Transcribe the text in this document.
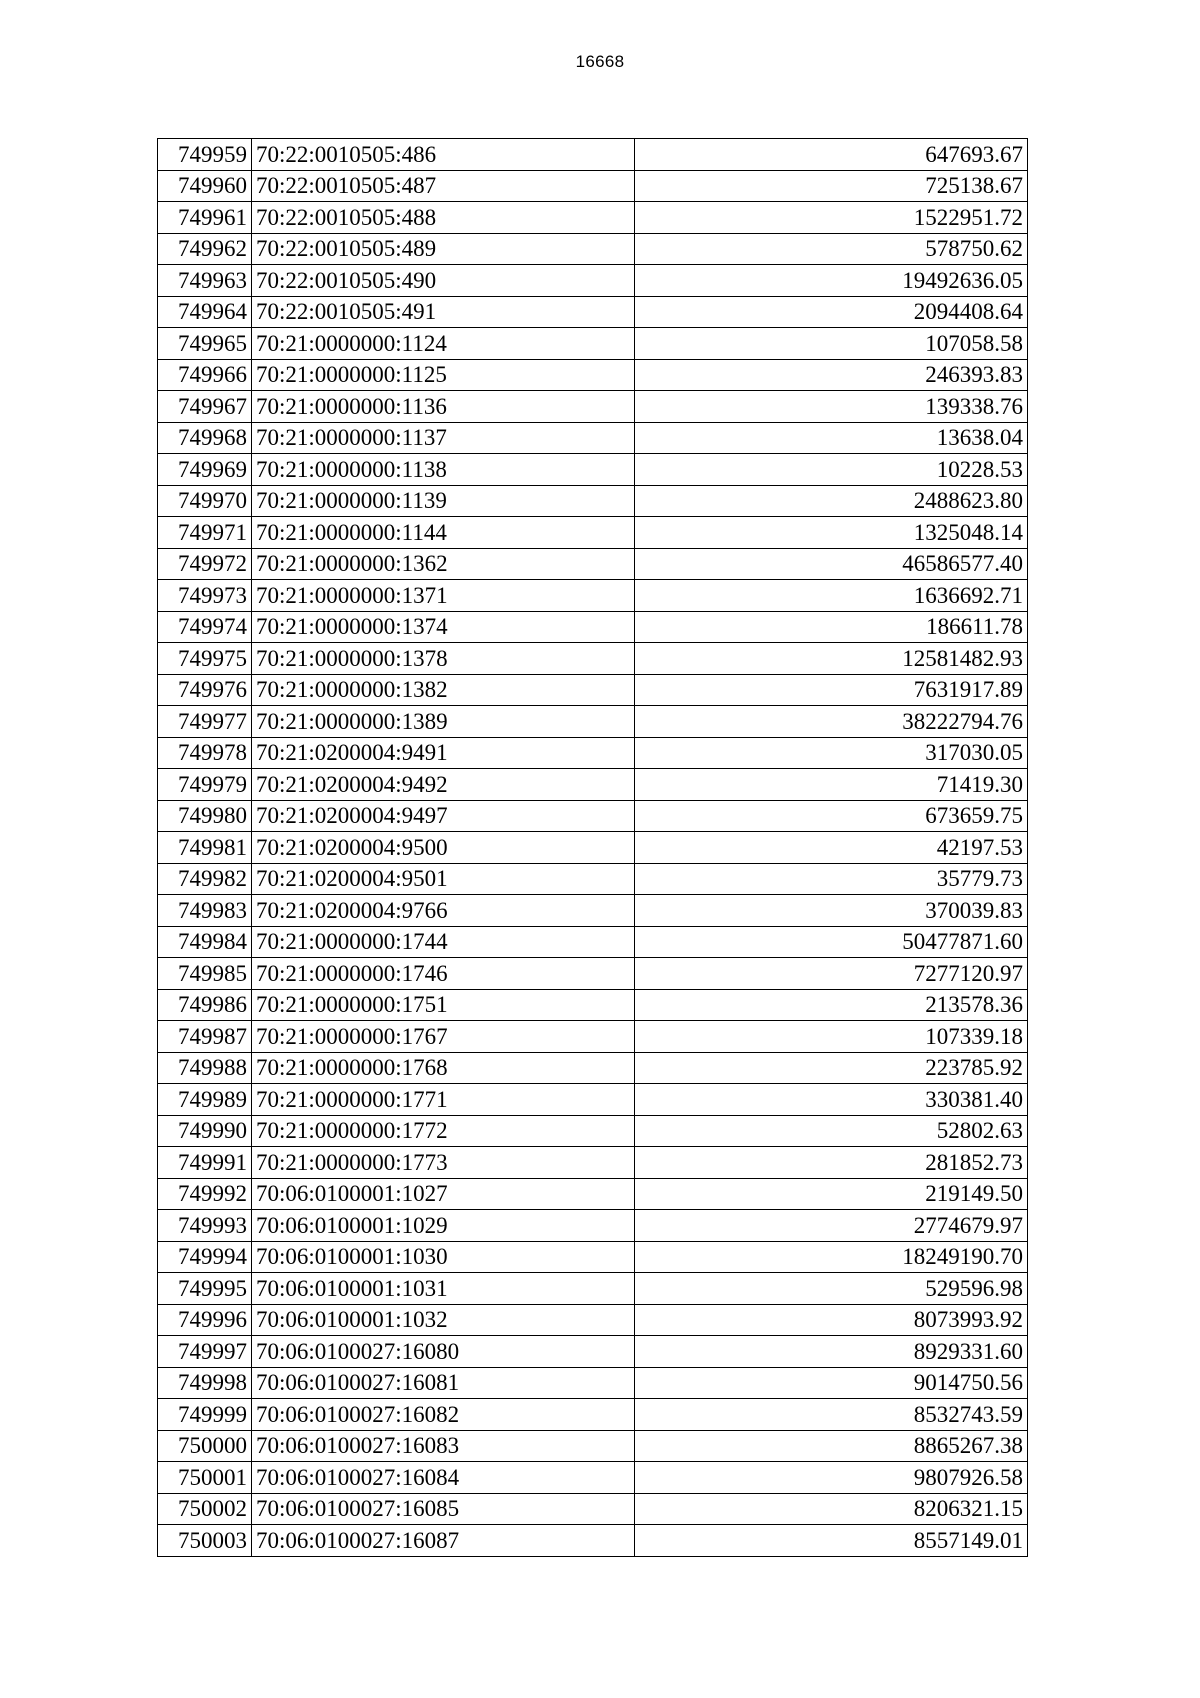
16668
749959	70:22:0010505:486	647693.67
749960	70:22:0010505:487	725138.67
749961	70:22:0010505:488	1522951.72
749962	70:22:0010505:489	578750.62
749963	70:22:0010505:490	19492636.05
749964	70:22:0010505:491	2094408.64
749965	70:21:0000000:1124	107058.58
749966	70:21:0000000:1125	246393.83
749967	70:21:0000000:1136	139338.76
749968	70:21:0000000:1137	13638.04
749969	70:21:0000000:1138	10228.53
749970	70:21:0000000:1139	2488623.80
749971	70:21:0000000:1144	1325048.14
749972	70:21:0000000:1362	46586577.40
749973	70:21:0000000:1371	1636692.71
749974	70:21:0000000:1374	186611.78
749975	70:21:0000000:1378	12581482.93
749976	70:21:0000000:1382	7631917.89
749977	70:21:0000000:1389	38222794.76
749978	70:21:0200004:9491	317030.05
749979	70:21:0200004:9492	71419.30
749980	70:21:0200004:9497	673659.75
749981	70:21:0200004:9500	42197.53
749982	70:21:0200004:9501	35779.73
749983	70:21:0200004:9766	370039.83
749984	70:21:0000000:1744	50477871.60
749985	70:21:0000000:1746	7277120.97
749986	70:21:0000000:1751	213578.36
749987	70:21:0000000:1767	107339.18
749988	70:21:0000000:1768	223785.92
749989	70:21:0000000:1771	330381.40
749990	70:21:0000000:1772	52802.63
749991	70:21:0000000:1773	281852.73
749992	70:06:0100001:1027	219149.50
749993	70:06:0100001:1029	2774679.97
749994	70:06:0100001:1030	18249190.70
749995	70:06:0100001:1031	529596.98
749996	70:06:0100001:1032	8073993.92
749997	70:06:0100027:16080	8929331.60
749998	70:06:0100027:16081	9014750.56
749999	70:06:0100027:16082	8532743.59
750000	70:06:0100027:16083	8865267.38
750001	70:06:0100027:16084	9807926.58
750002	70:06:0100027:16085	8206321.15
750003	70:06:0100027:16087	8557149.01
